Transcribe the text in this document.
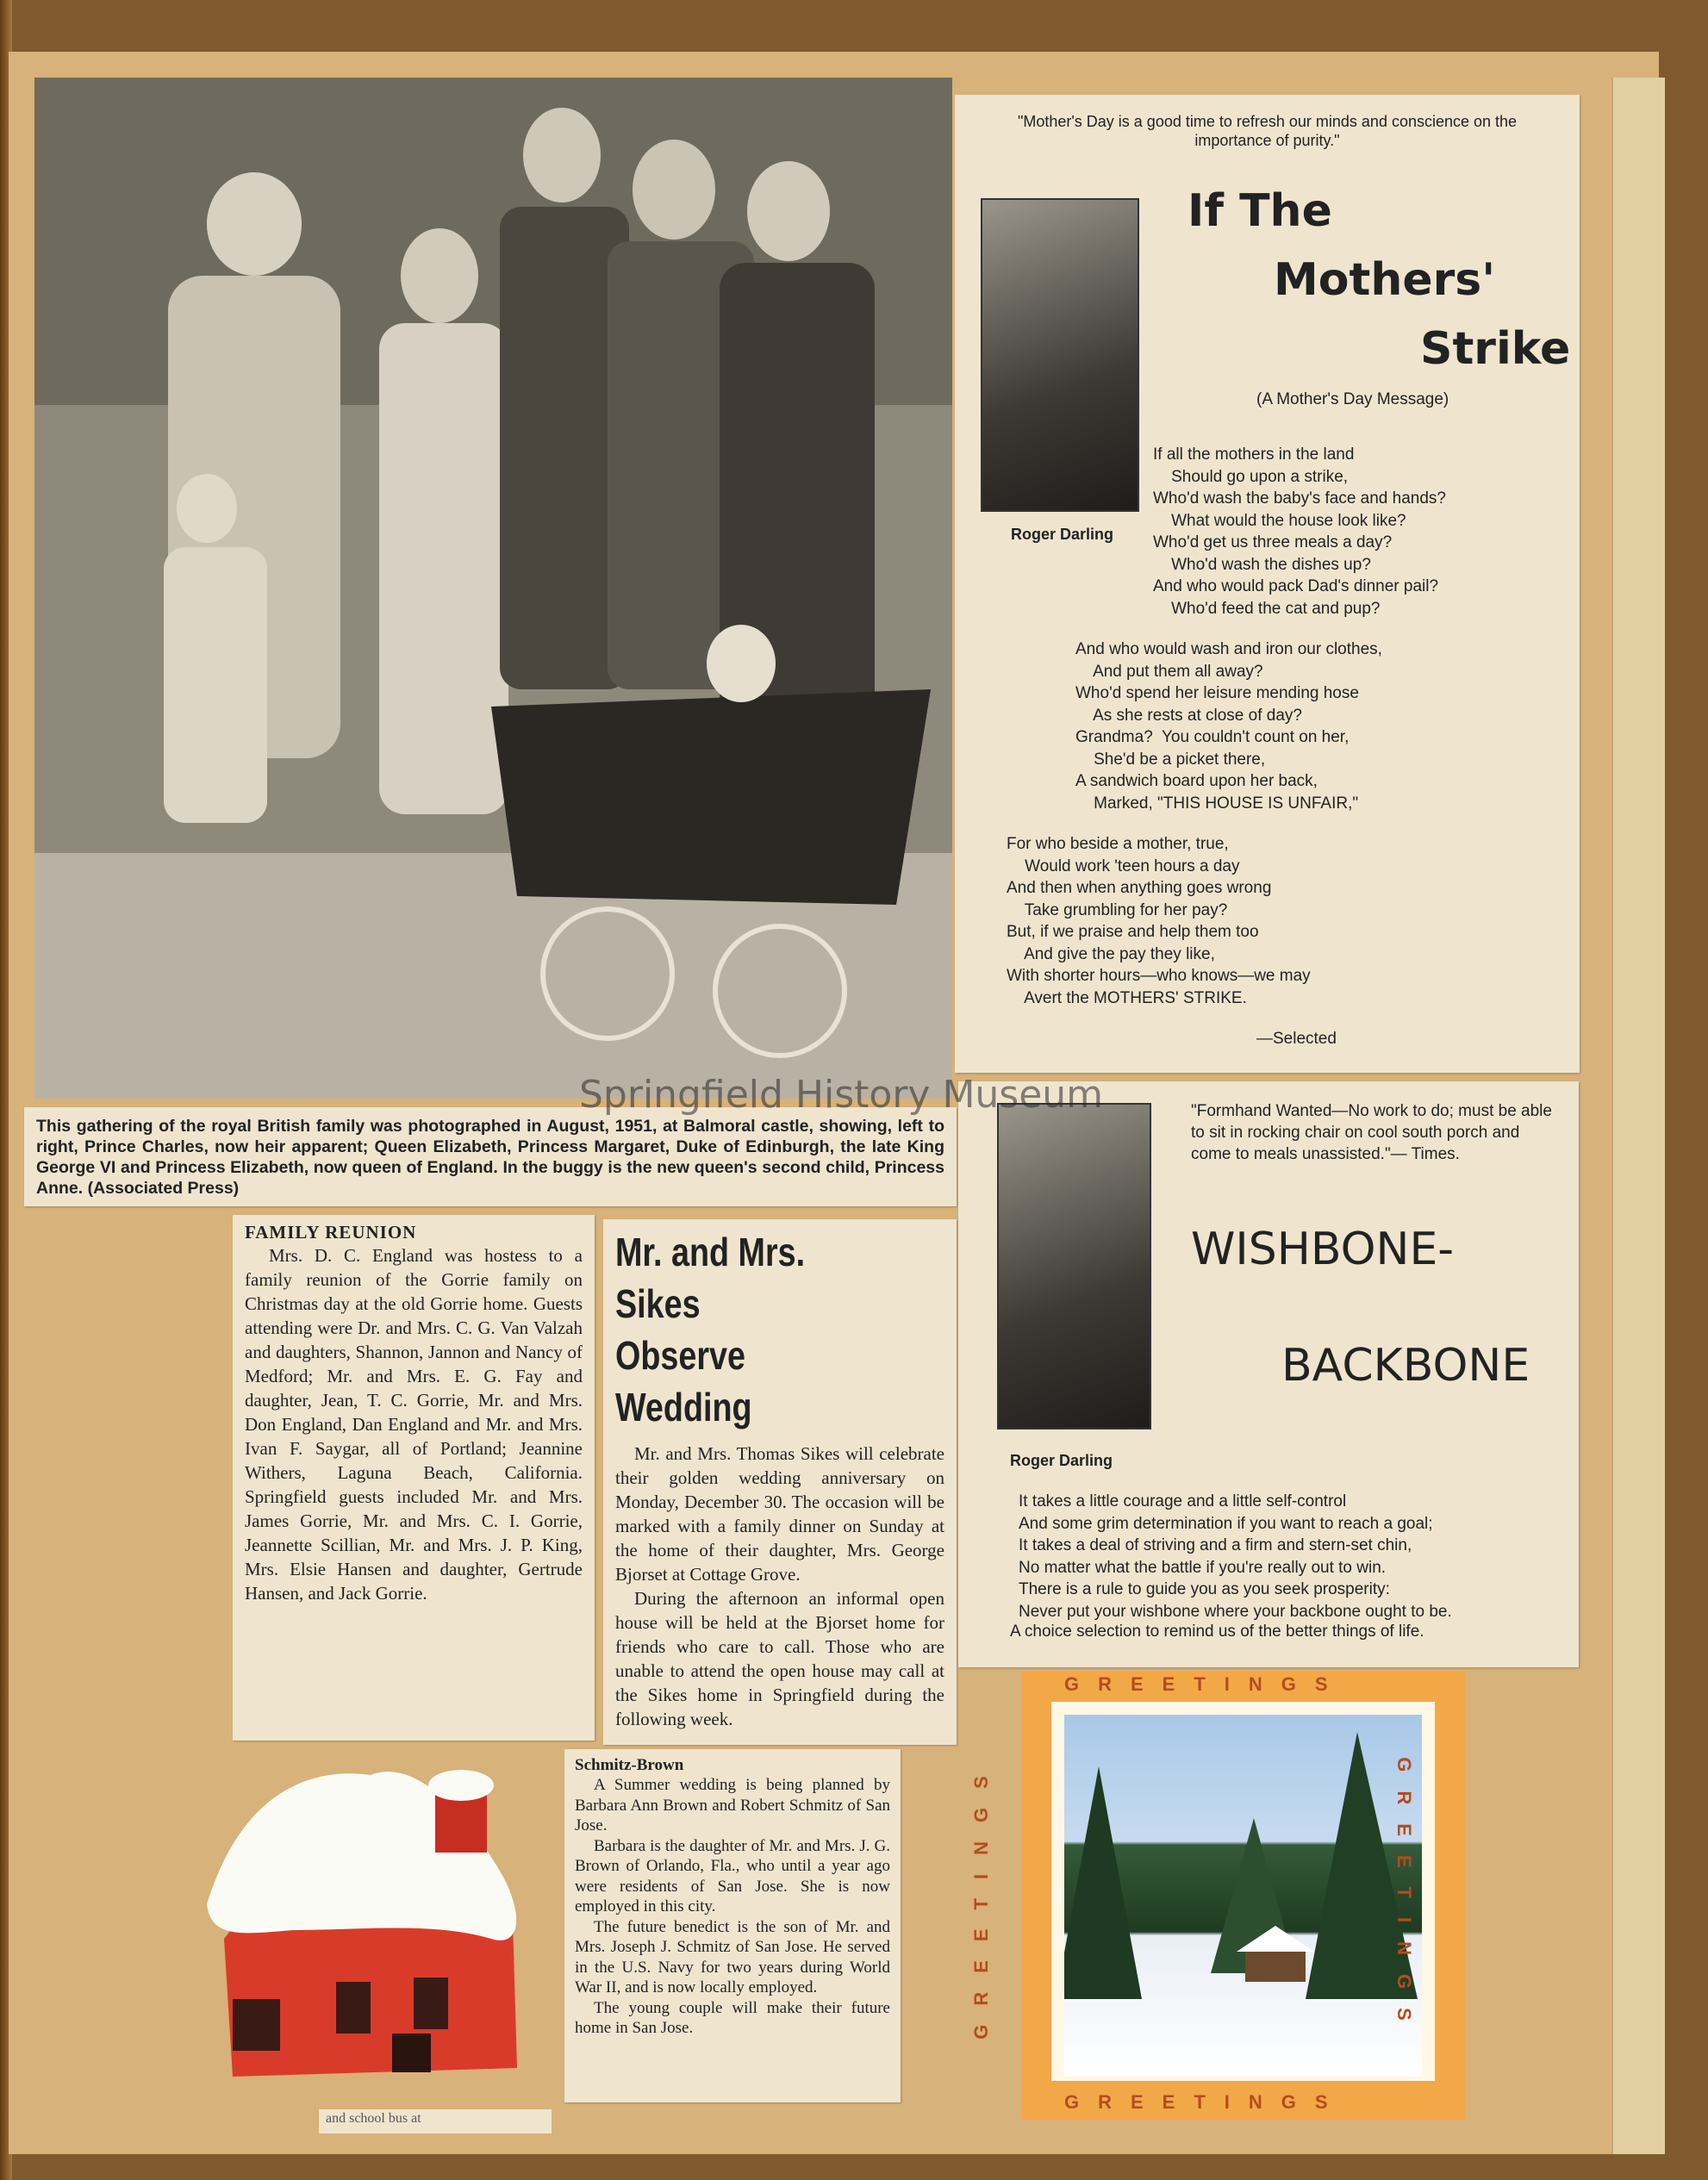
This gathering of the royal British family was photographed in August, 1951, at Balmoral castle, showing, left to right, Prince Charles, now heir apparent; Queen Elizabeth, Princess Margaret, Duke of Edinburgh, the late King George VI and Princess Elizabeth, now queen of England. In the buggy is the new queen's second child, Princess Anne. (Associated Press)
"Mother's Day is a good time to refresh our minds and conscience on the importance of purity."
If The
Mothers'
Strike
(A Mother's Day Message)
Roger Darling
If all the mothers in the land
Should go upon a strike,
Who'd wash the baby's face and hands?
What would the house look like?
Who'd get us three meals a day?
Who'd wash the dishes up?
And who would pack Dad's dinner pail?
Who'd feed the cat and pup?
And who would wash and iron our clothes,
And put them all away?
Who'd spend her leisure mending hose
As she rests at close of day?
Grandma?  You couldn't count on her,
She'd be a picket there,
A sandwich board upon her back,
Marked, "THIS HOUSE IS UNFAIR,"
For who beside a mother, true,
Would work 'teen hours a day
And then when anything goes wrong
Take grumbling for her pay?
But, if we praise and help them too
And give the pay they like,
With shorter hours—who knows—we may
Avert the MOTHERS' STRIKE.
—Selected
"Formhand Wanted—No work to do; must be able to sit in rocking chair on cool south porch and come to meals unassisted."— Times.
WISHBONE-
BACKBONE
Roger Darling
It takes a little courage and a little self-control
And some grim determination if you want to reach a goal;
It takes a deal of striving and a firm and stern-set chin,
No matter what the battle if you're really out to win.
There is a rule to guide you as you seek prosperity:
Never put your wishbone where your backbone ought to be.
A choice selection to remind us of the better things of life.
Springfield History Museum
FAMILY REUNION
Mrs. D. C. England was hostess to a family reunion of the Gorrie family on Christmas day at the old Gorrie home. Guests attending were Dr. and Mrs. C. G. Van Valzah and daughters, Shannon, Jannon and Nancy of Medford; Mr. and Mrs. E. G. Fay and daughter, Jean, T. C. Gorrie, Mr. and Mrs. Don England, Dan England and Mr. and Mrs. Ivan F. Saygar, all of Portland; Jeannine Withers, Laguna Beach, California. Springfield guests included Mr. and Mrs. James Gorrie, Mr. and Mrs. C. I. Gorrie, Jeannette Scillian, Mr. and Mrs. J. P. King, Mrs. Elsie Hansen and daughter, Gertrude Hansen, and Jack Gorrie.
Mr. and Mrs. Sikes
Observe Wedding
Mr. and Mrs. Thomas Sikes will celebrate their golden wedding anniversary on Monday, December 30. The occasion will be marked with a family dinner on Sunday at the home of their daughter, Mrs. George Bjorset at Cottage Grove.
During the afternoon an informal open house will be held at the Bjorset home for friends who care to call. Those who are unable to attend the open house may call at the Sikes home in Springfield during the following week.
Schmitz-Brown
A Summer wedding is being planned by Barbara Ann Brown and Robert Schmitz of San Jose.
Barbara is the daughter of Mr. and Mrs. J. G. Brown of Orlando, Fla., who until a year ago were residents of San Jose. She is now employed in this city.
The future benedict is the son of Mr. and Mrs. Joseph J. Schmitz of San Jose. He served in the U.S. Navy for two years during World War II, and is now locally employed.
The young couple will make their future home in San Jose.
GREETINGS
GREETINGS
GREETINGS	GREETINGS
and school bus at
